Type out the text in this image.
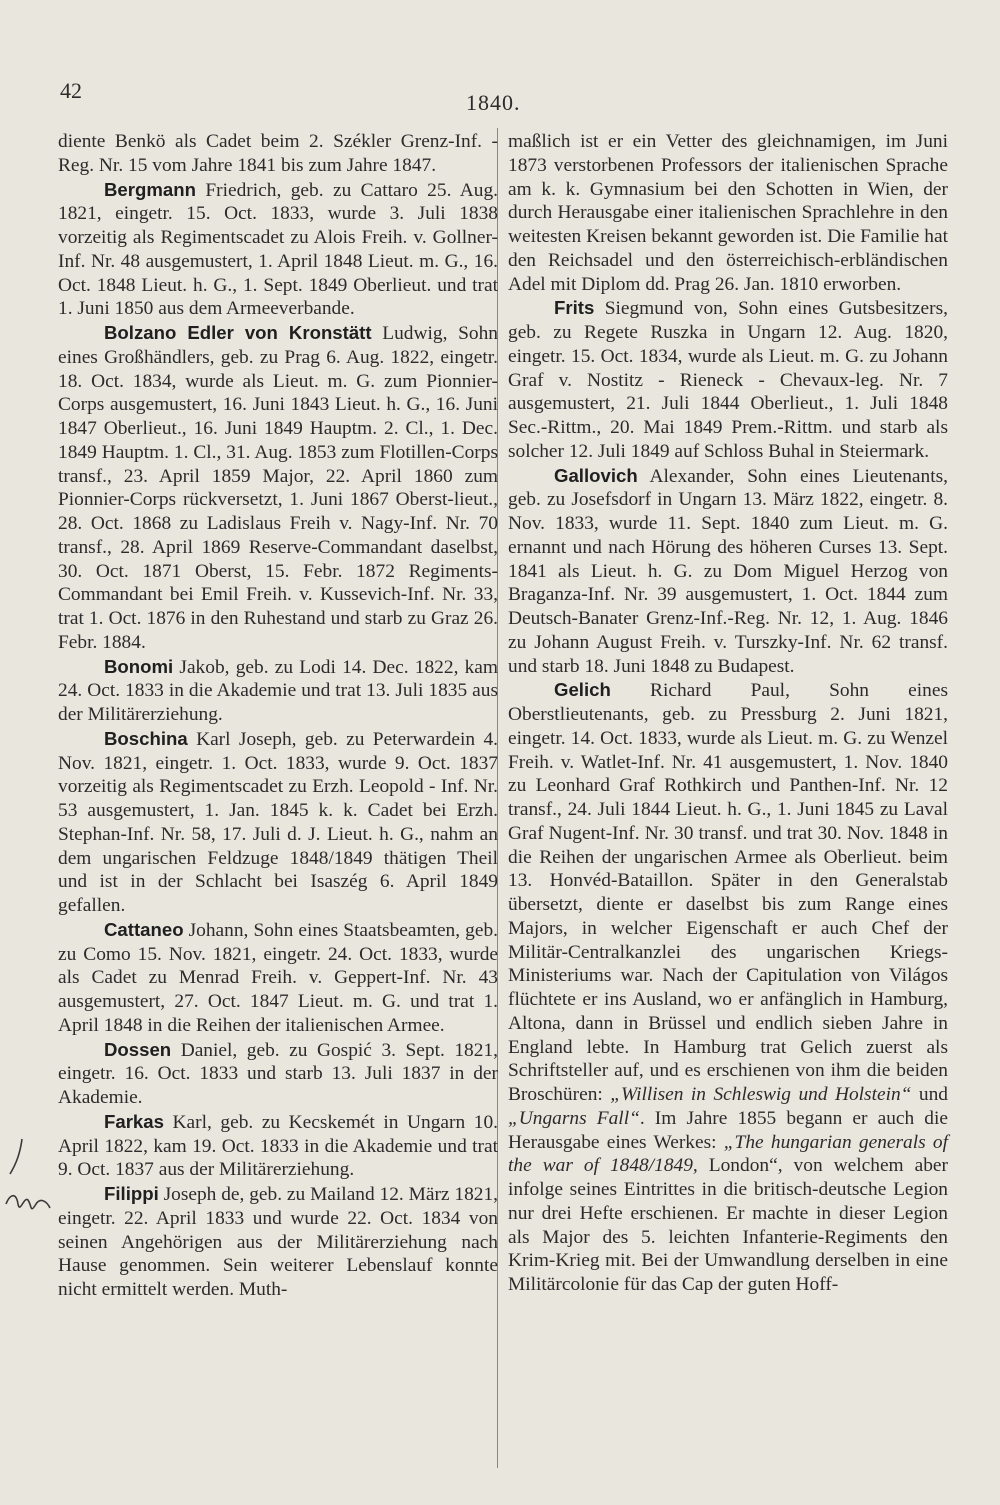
42	1840.

diente Benkö als Cadet beim 2. Székler Grenz-Inf. - Reg. Nr. 15 vom Jahre 1841 bis zum Jahre 1847.

Bergmann Friedrich, geb. zu Cattaro 25. Aug. 1821, eingetr. 15. Oct. 1833, wurde 3. Juli 1838 vorzeitig als Regimentscadet zu Alois Freih. v. Gollner-Inf. Nr. 48 ausgemustert, 1. April 1848 Lieut. m. G., 16. Oct. 1848 Lieut. h. G., 1. Sept. 1849 Oberlieut. und trat 1. Juni 1850 aus dem Armeeverbande.

Bolzano Edler von Kronstätt Ludwig, Sohn eines Großhändlers, geb. zu Prag 6. Aug. 1822, eingetr. 18. Oct. 1834, wurde als Lieut. m. G. zum Pionnier-Corps ausgemustert, 16. Juni 1843 Lieut. h. G., 16. Juni 1847 Oberlieut., 16. Juni 1849 Hauptm. 2. Cl., 1. Dec. 1849 Hauptm. 1. Cl., 31. Aug. 1853 zum Flotillen-Corps transf., 23. April 1859 Major, 22. April 1860 zum Pionnier-Corps rückversetzt, 1. Juni 1867 Oberst-lieut., 28. Oct. 1868 zu Ladislaus Freih v. Nagy-Inf. Nr. 70 transf., 28. April 1869 Reserve-Commandant daselbst, 30. Oct. 1871 Oberst, 15. Febr. 1872 Regiments-Commandant bei Emil Freih. v. Kussevich-Inf. Nr. 33, trat 1. Oct. 1876 in den Ruhestand und starb zu Graz 26. Febr. 1884.

Bonomi Jakob, geb. zu Lodi 14. Dec. 1822, kam 24. Oct. 1833 in die Akademie und trat 13. Juli 1835 aus der Militärerziehung.

Boschina Karl Joseph, geb. zu Peterwardein 4. Nov. 1821, eingetr. 1. Oct. 1833, wurde 9. Oct. 1837 vorzeitig als Regimentscadet zu Erzh. Leopold - Inf. Nr. 53 ausgemustert, 1. Jan. 1845 k. k. Cadet bei Erzh. Stephan-Inf. Nr. 58, 17. Juli d. J. Lieut. h. G., nahm an dem ungarischen Feldzuge 1848/1849 thätigen Theil und ist in der Schlacht bei Isaszég 6. April 1849 gefallen.

Cattaneo Johann, Sohn eines Staatsbeamten, geb. zu Como 15. Nov. 1821, eingetr. 24. Oct. 1833, wurde als Cadet zu Menrad Freih. v. Geppert-Inf. Nr. 43 ausgemustert, 27. Oct. 1847 Lieut. m. G. und trat 1. April 1848 in die Reihen der italienischen Armee.

Dossen Daniel, geb. zu Gospić 3. Sept. 1821, eingetr. 16. Oct. 1833 und starb 13. Juli 1837 in der Akademie.

Farkas Karl, geb. zu Kecskemét in Ungarn 10. April 1822, kam 19. Oct. 1833 in die Akademie und trat 9. Oct. 1837 aus der Militärerziehung.

Filippi Joseph de, geb. zu Mailand 12. März 1821, eingetr. 22. April 1833 und wurde 22. Oct. 1834 von seinen Angehörigen aus der Militärerziehung nach Hause genommen. Sein weiterer Lebenslauf konnte nicht ermittelt werden. Muth-

maßlich ist er ein Vetter des gleichnamigen, im Juni 1873 verstorbenen Professors der italienischen Sprache am k. k. Gymnasium bei den Schotten in Wien, der durch Herausgabe einer italienischen Sprachlehre in den weitesten Kreisen bekannt geworden ist. Die Familie hat den Reichsadel und den österreichisch-erbländischen Adel mit Diplom dd. Prag 26. Jan. 1810 erworben.

Frits Siegmund von, Sohn eines Gutsbesitzers, geb. zu Regete Ruszka in Ungarn 12. Aug. 1820, eingetr. 15. Oct. 1834, wurde als Lieut. m. G. zu Johann Graf v. Nostitz - Rieneck - Chevaux-leg. Nr. 7 ausgemustert, 21. Juli 1844 Oberlieut., 1. Juli 1848 Sec.-Rittm., 20. Mai 1849 Prem.-Rittm. und starb als solcher 12. Juli 1849 auf Schloss Buhal in Steiermark.

Gallovich Alexander, Sohn eines Lieutenants, geb. zu Josefsdorf in Ungarn 13. März 1822, eingetr. 8. Nov. 1833, wurde 11. Sept. 1840 zum Lieut. m. G. ernannt und nach Hörung des höheren Curses 13. Sept. 1841 als Lieut. h. G. zu Dom Miguel Herzog von Braganza-Inf. Nr. 39 ausgemustert, 1. Oct. 1844 zum Deutsch-Banater Grenz-Inf.-Reg. Nr. 12, 1. Aug. 1846 zu Johann August Freih. v. Turszky-Inf. Nr. 62 transf. und starb 18. Juni 1848 zu Budapest.

Gelich Richard Paul, Sohn eines Oberstlieutenants, geb. zu Pressburg 2. Juni 1821, eingetr. 14. Oct. 1833, wurde als Lieut. m. G. zu Wenzel Freih. v. Watlet-Inf. Nr. 41 ausgemustert, 1. Nov. 1840 zu Leonhard Graf Rothkirch und Panthen-Inf. Nr. 12 transf., 24. Juli 1844 Lieut. h. G., 1. Juni 1845 zu Laval Graf Nugent-Inf. Nr. 30 transf. und trat 30. Nov. 1848 in die Reihen der ungarischen Armee als Oberlieut. beim 13. Honvéd-Bataillon. Später in den Generalstab übersetzt, diente er daselbst bis zum Range eines Majors, in welcher Eigenschaft er auch Chef der Militär-Centralkanzlei des ungarischen Kriegs-Ministeriums war. Nach der Capitulation von Világos flüchtete er ins Ausland, wo er anfänglich in Hamburg, Altona, dann in Brüssel und endlich sieben Jahre in England lebte. In Hamburg trat Gelich zuerst als Schriftsteller auf, und es erschienen von ihm die beiden Broschüren: „Willisen in Schleswig und Holstein“ und „Ungarns Fall“. Im Jahre 1855 begann er auch die Herausgabe eines Werkes: „The hungarian generals of the war of 1848/1849, London“, von welchem aber infolge seines Eintrittes in die britisch-deutsche Legion nur drei Hefte erschienen. Er machte in dieser Legion als Major des 5. leichten Infanterie-Regiments den Krim-Krieg mit. Bei der Umwandlung derselben in eine Militärcolonie für das Cap der guten Hoff-
